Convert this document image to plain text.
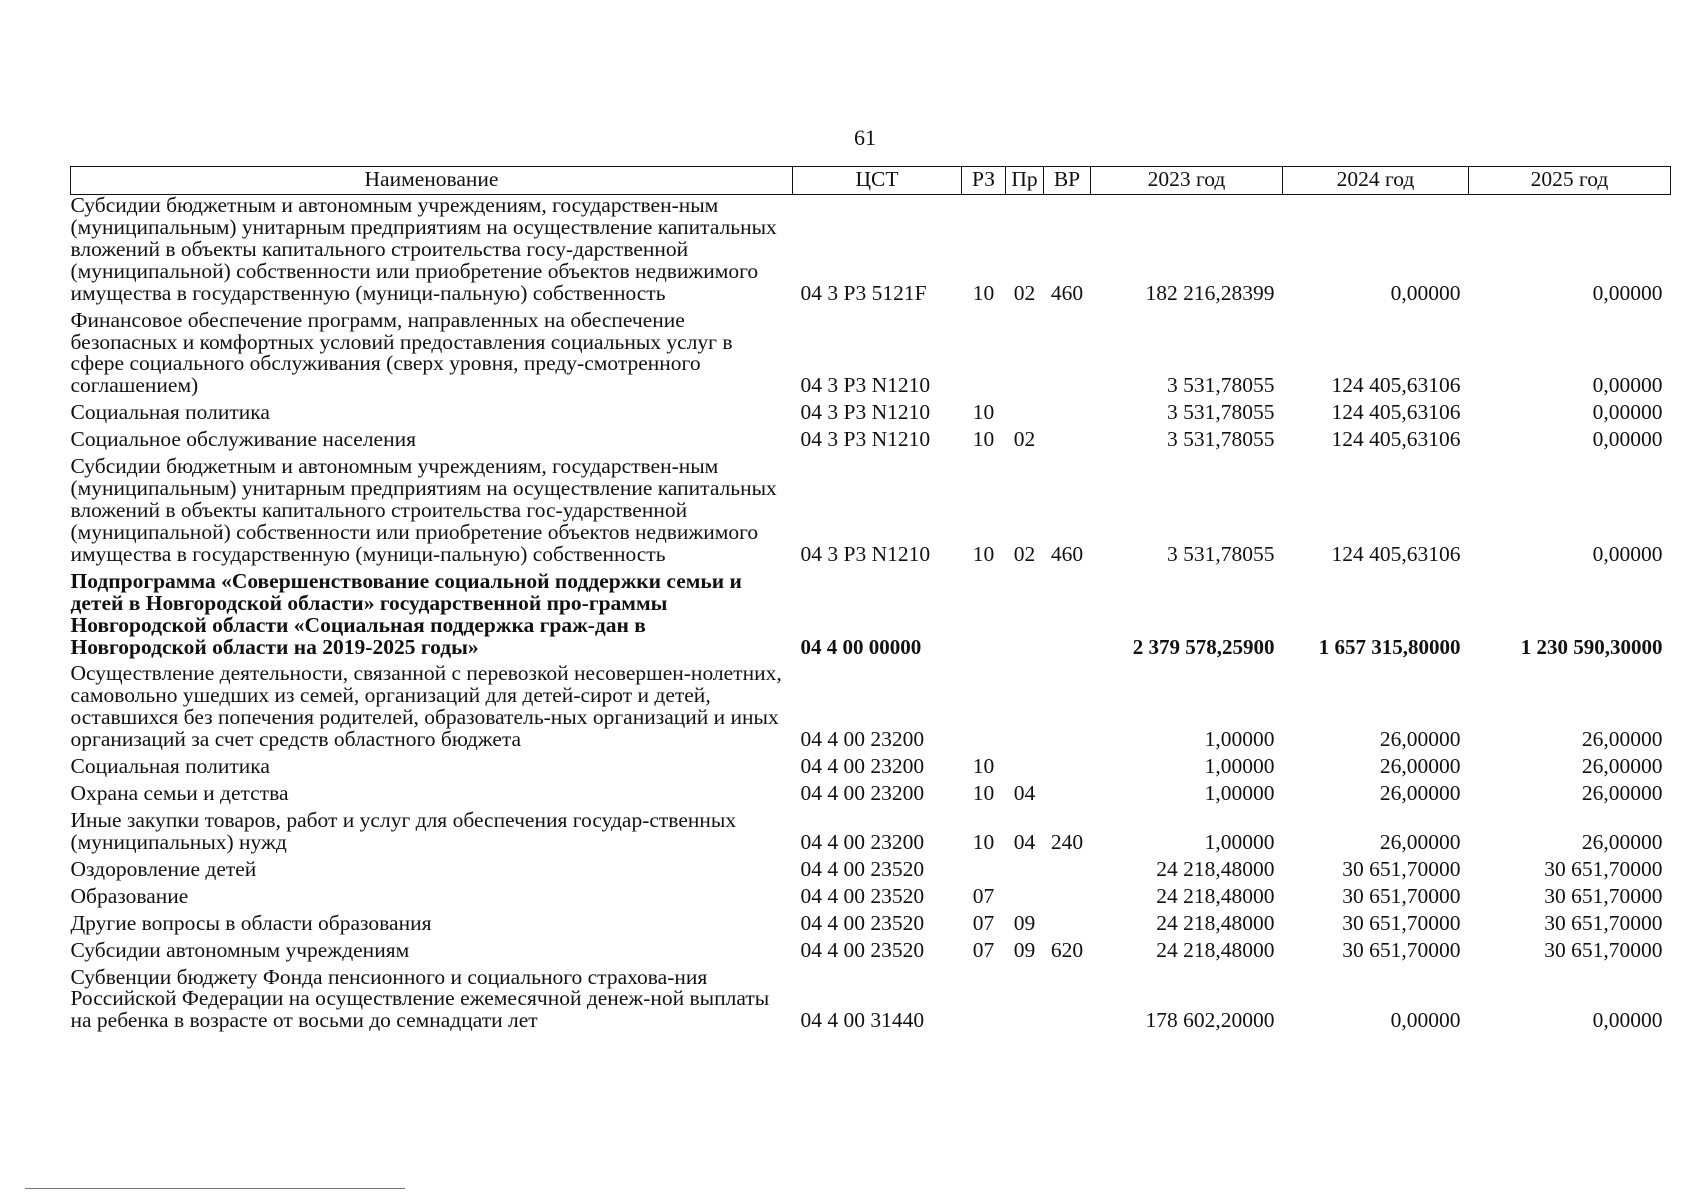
61
Наименование	ЦСТ	РЗ	Пр	ВР	2023 год	2024 год	2025 год
Субсидии бюджетным и автономным учреждениям, государствен-ным (муниципальным) унитарным предприятиям на осуществление капитальных вложений в объекты капитального строительства госу-дарственной (муниципальной) собственности или приобретение объектов недвижимого имущества в государственную (муници-пальную) собственность	04 3 Р3 5121F	10	02	460	182 216,28399	0,00000	0,00000
Финансовое обеспечение программ, направленных на обеспечение безопасных и комфортных условий предоставления социальных услуг в сфере социального обслуживания (сверх уровня, преду-смотренного соглашением)	04 3 Р3 N1210				3 531,78055	124 405,63106	0,00000
Социальная политика	04 3 Р3 N1210	10			3 531,78055	124 405,63106	0,00000
Социальное обслуживание населения	04 3 Р3 N1210	10	02		3 531,78055	124 405,63106	0,00000
Субсидии бюджетным и автономным учреждениям, государствен-ным (муниципальным) унитарным предприятиям на осуществление капитальных вложений в объекты капитального строительства гос-ударственной (муниципальной) собственности или приобретение объектов недвижимого имущества в государственную (муници-пальную) собственность	04 3 Р3 N1210	10	02	460	3 531,78055	124 405,63106	0,00000
Подпрограмма «Совершенствование социальной поддержки семьи и детей в Новгородской области» государственной про-граммы Новгородской области «Социальная поддержка граж-дан в Новгородской области на 2019-2025 годы»	04 4 00 00000				2 379 578,25900	1 657 315,80000	1 230 590,30000
Осуществление деятельности, связанной с перевозкой несовершен-нолетних, самовольно ушедших из семей, организаций для детей-сирот и детей, оставшихся без попечения родителей, образователь-ных организаций и иных организаций за счет средств областного бюджета	04 4 00 23200				1,00000	26,00000	26,00000
Социальная политика	04 4 00 23200	10			1,00000	26,00000	26,00000
Охрана семьи и детства	04 4 00 23200	10	04		1,00000	26,00000	26,00000
Иные закупки товаров, работ и услуг для обеспечения государ-ственных (муниципальных) нужд	04 4 00 23200	10	04	240	1,00000	26,00000	26,00000
Оздоровление детей	04 4 00 23520				24 218,48000	30 651,70000	30 651,70000
Образование	04 4 00 23520	07			24 218,48000	30 651,70000	30 651,70000
Другие вопросы в области образования	04 4 00 23520	07	09		24 218,48000	30 651,70000	30 651,70000
Субсидии автономным учреждениям	04 4 00 23520	07	09	620	24 218,48000	30 651,70000	30 651,70000
Субвенции бюджету Фонда пенсионного и социального страхова-ния Российской Федерации на осуществление ежемесячной денеж-ной выплаты на ребенка в возрасте от восьми до семнадцати лет	04 4 00 31440				178 602,20000	0,00000	0,00000
